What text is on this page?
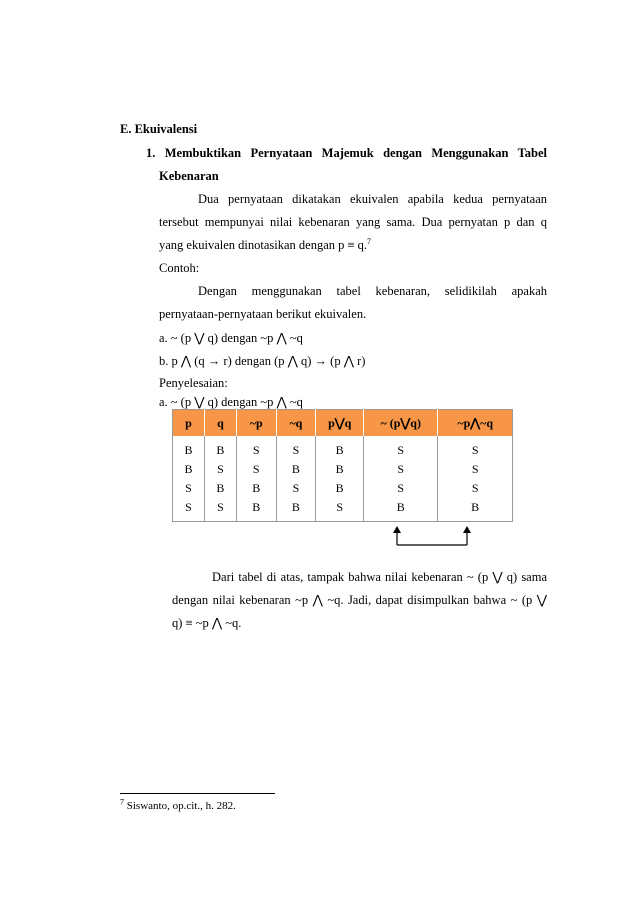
E. Ekuivalensi
1. Membuktikan Pernyataan Majemuk dengan Menggunakan Tabel
Kebenaran
Dua pernyataan dikatakan ekuivalen apabila kedua pernyataan
tersebut mempunyai nilai kebenaran yang sama. Dua pernyatan p dan q
yang ekuivalen dinotasikan dengan p ≡ q.$^7$
Contoh:
Dengan menggunakan tabel kebenaran, selidikilah apakah
pernyataan-pernyataan berikut ekuivalen.
a. ~ (p ⋁ q) dengan ~p ⋀ ~q
b. p ⋀ (q → r) dengan (p ⋀ q) → (p ⋀ r)
Penyelesaian:
a. ~ (p ⋁ q) dengan ~p ⋀ ~q
p	q	~p	~q	p⋁q	~ (p⋁q)	~p⋀~q
B	B	S	S	B	S	S
B	S	S	B	B	S	S
S	B	B	S	B	S	S
S	S	B	B	S	B	B
Dari tabel di atas, tampak bahwa nilai kebenaran ~ (p ⋁ q) sama
dengan nilai kebenaran ~p ⋀ ~q. Jadi, dapat disimpulkan bahwa ~ (p ⋁
q) ≡ ~p ⋀ ~q.
$^7$ Siswanto, op.cit., h. 282.
